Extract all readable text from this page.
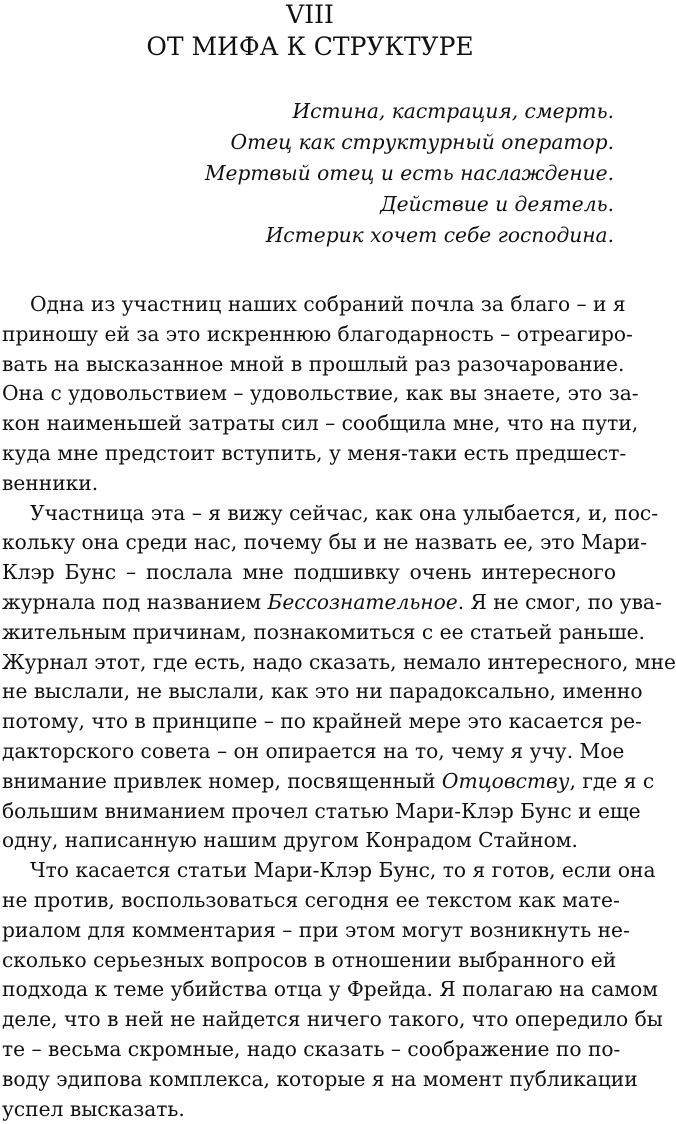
VIII
ОТ МИФА К СТРУКТУРЕ
Истина, кастрация, смерть.
Отец как структурный оператор.
Мертвый отец и есть наслаждение.
Действие и деятель.
Истерик хочет себе господина.
Одна из участниц наших собраний почла за благо – и я
приношу ей за это искреннюю благодарность – отреагиро-
вать на высказанное мной в прошлый раз разочарование.
Она с удовольствием – удовольствие, как вы знаете, это за-
кон наименьшей затраты сил – сообщила мне, что на пути,
куда мне предстоит вступить, у меня-таки есть предшест-
венники.
Участница эта – я вижу сейчас, как она улыбается, и, пос-
кольку она среди нас, почему бы и не назвать ее, это Мари-
Клэр Бунс – послала мне подшивку очень интересного
журнала под названием Бессознательное. Я не смог, по ува-
жительным причинам, познакомиться с ее статьей раньше.
Журнал этот, где есть, надо сказать, немало интересного, мне
не выслали, не выслали, как это ни парадоксально, именно
потому, что в принципе – по крайней мере это касается ре-
дакторского совета – он опирается на то, чему я учу. Мое
внимание привлек номер, посвященный Отцовству, где я с
большим вниманием прочел статью Мари-Клэр Бунс и еще
одну, написанную нашим другом Конрадом Стайном.
Что касается статьи Мари-Клэр Бунс, то я готов, если она
не против, воспользоваться сегодня ее текстом как мате-
риалом для комментария – при этом могут возникнуть не-
сколько серьезных вопросов в отношении выбранного ей
подхода к теме убийства отца у Фрейда. Я полагаю на самом
деле, что в ней не найдется ничего такого, что опередило бы
те – весьма скромные, надо сказать – соображение по по-
воду эдипова комплекса, которые я на момент публикации
успел высказать.
